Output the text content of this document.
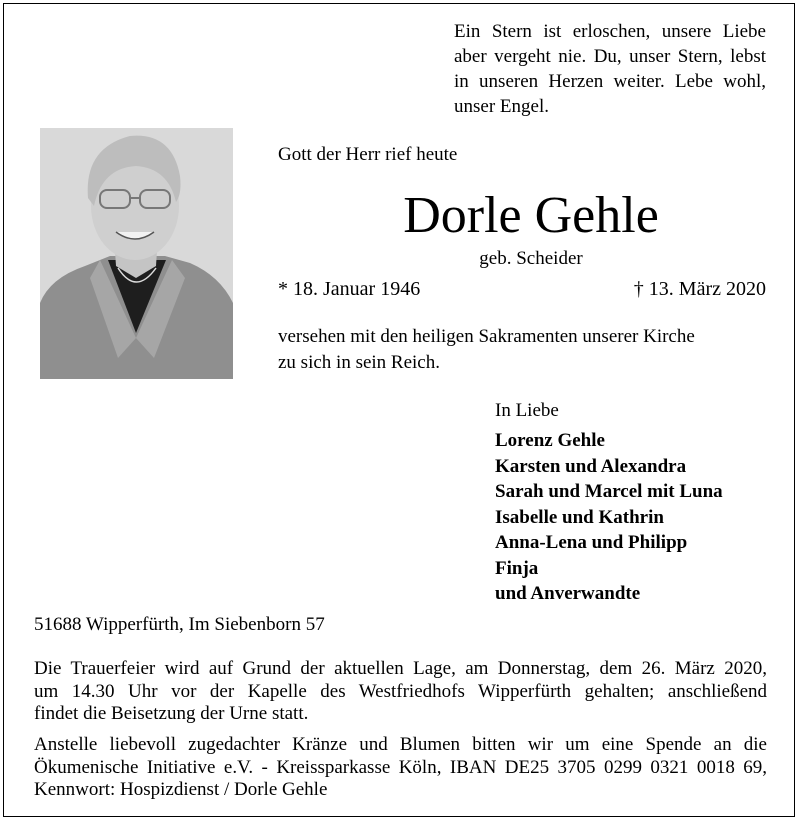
Ein Stern ist erloschen, unsere Liebe
aber vergeht nie. Du, unser Stern, lebst
in unseren Herzen weiter. Lebe wohl,
unser Engel.
Gott der Herr rief heute
Dorle Gehle
geb. Scheider
* 18. Januar 1946	† 13. März 2020
versehen mit den heiligen Sakramenten unserer Kirche
zu sich in sein Reich.
In Liebe
Lorenz Gehle
Karsten und Alexandra
Sarah und Marcel mit Luna
Isabelle und Kathrin
Anna-Lena und Philipp
Finja
und Anverwandte
51688 Wipperfürth, Im Siebenborn 57
Die Trauerfeier wird auf Grund der aktuellen Lage, am Donnerstag, dem 26. März 2020,
um 14.30 Uhr vor der Kapelle des Westfriedhofs Wipperfürth gehalten; anschließend
findet die Beisetzung der Urne statt.
Anstelle liebevoll zugedachter Kränze und Blumen bitten wir um eine Spende an die
Ökumenische Initiative e.V. - Kreissparkasse Köln, IBAN DE25 3705 0299 0321 0018 69,
Kennwort: Hospizdienst / Dorle Gehle
